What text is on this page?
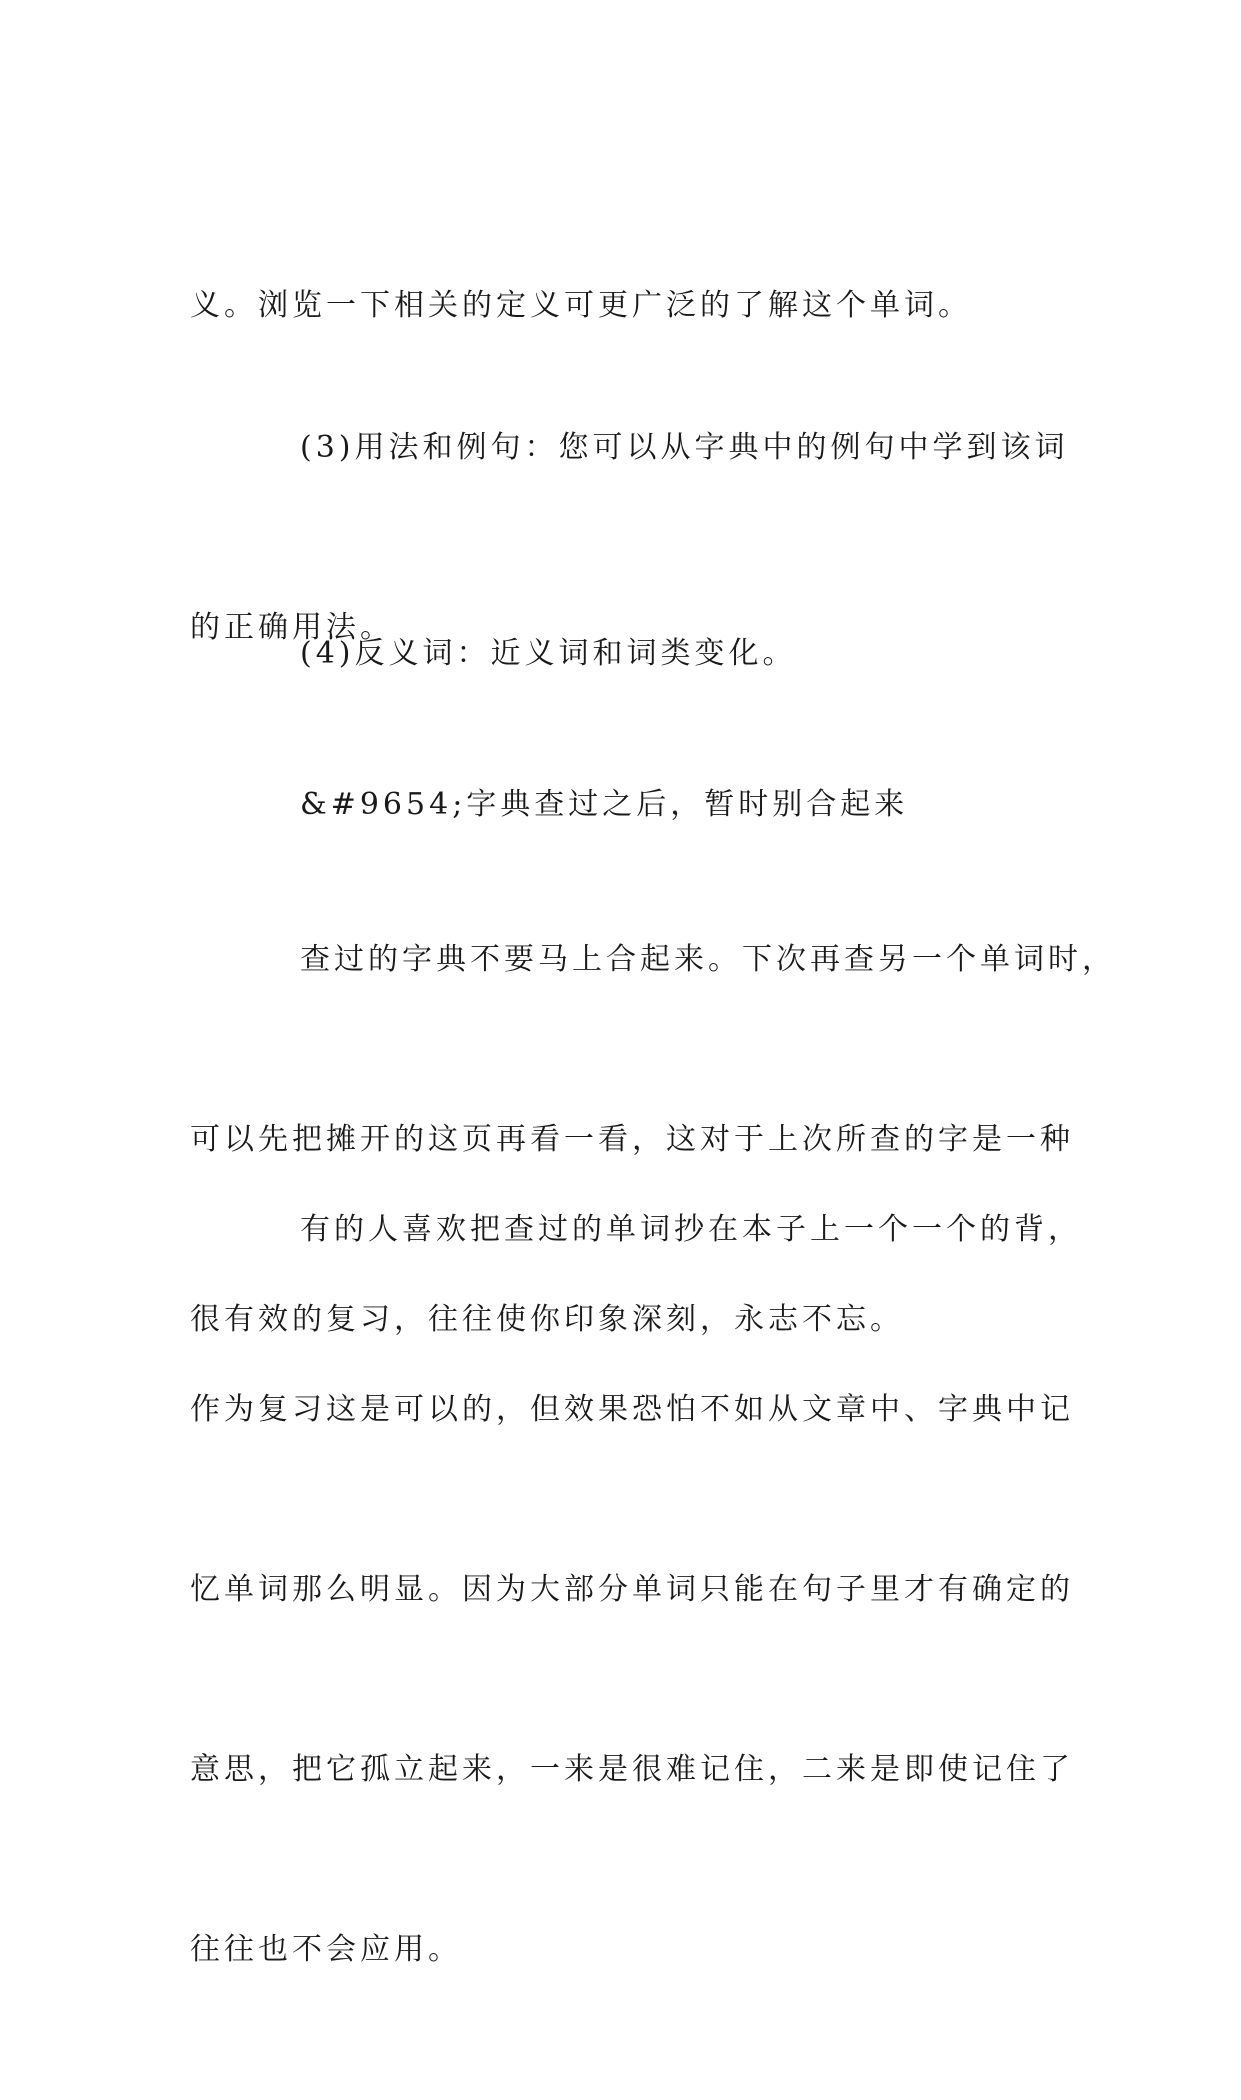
义。浏览一下相关的定义可更广泛的了解这个单词。

(3)用法和例句：您可以从字典中的例句中学到该词

的正确用法。

(4)反义词：近义词和词类变化。

&#9654;字典查过之后，暂时别合起来

查过的字典不要马上合起来。下次再查另一个单词时，

可以先把摊开的这页再看一看，这对于上次所查的字是一种

很有效的复习，往往使你印象深刻，永志不忘。

有的人喜欢把查过的单词抄在本子上一个一个的背，

作为复习这是可以的，但效果恐怕不如从文章中、字典中记

忆单词那么明显。因为大部分单词只能在句子里才有确定的

意思，把它孤立起来，一来是很难记住，二来是即使记住了

往往也不会应用。
